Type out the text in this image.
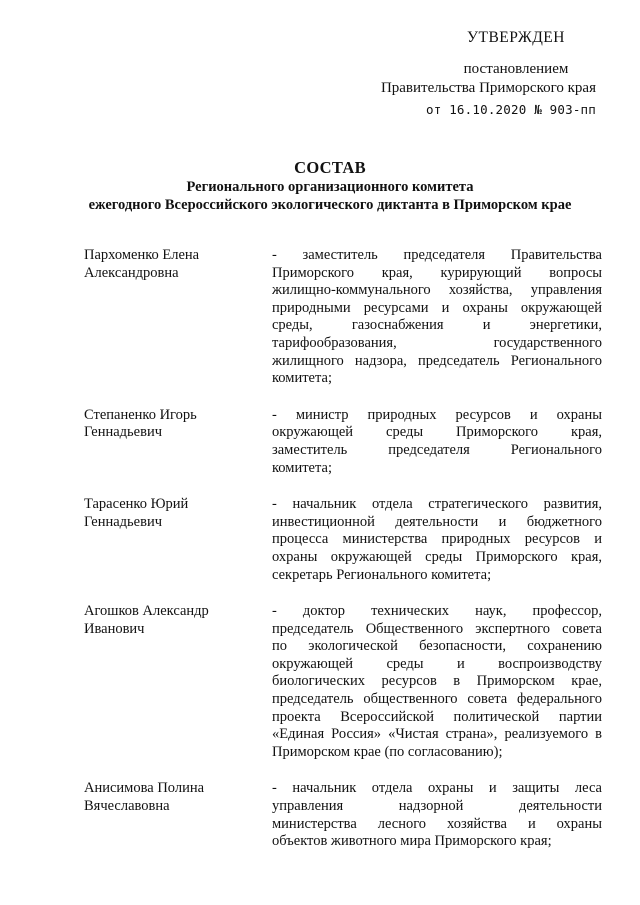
УТВЕРЖДЕН
постановлением
Правительства Приморского края
от 16.10.2020 № 903-пп
СОСТАВ
Регионального организационного комитета
ежегодного Всероссийского экологического диктанта в Приморском крае
Пархоменко Елена
Александровна
- заместитель председателя Правительства
Приморского края, курирующий вопросы
жилищно-коммунального хозяйства, управления
природными ресурсами и охраны окружающей
среды, газоснабжения и энергетики,
тарифообразования, государственного
жилищного надзора, председатель Регионального
комитета;
Степаненко Игорь
Геннадьевич
- министр природных ресурсов и охраны
окружающей среды Приморского края,
заместитель председателя Регионального
комитета;
Тарасенко Юрий
Геннадьевич
- начальник отдела стратегического развития,
инвестиционной деятельности и бюджетного
процесса министерства природных ресурсов и
охраны окружающей среды Приморского края,
секретарь Регионального комитета;
Агошков Александр
Иванович
- доктор технических наук, профессор,
председатель Общественного экспертного совета
по экологической безопасности, сохранению
окружающей среды и воспроизводству
биологических ресурсов в Приморском крае,
председатель общественного совета федерального
проекта Всероссийской политической партии
«Единая Россия» «Чистая страна», реализуемого в
Приморском крае (по согласованию);
Анисимова Полина
Вячеславовна
- начальник отдела охраны и защиты леса
управления надзорной деятельности
министерства лесного хозяйства и охраны
объектов животного мира Приморского края;
